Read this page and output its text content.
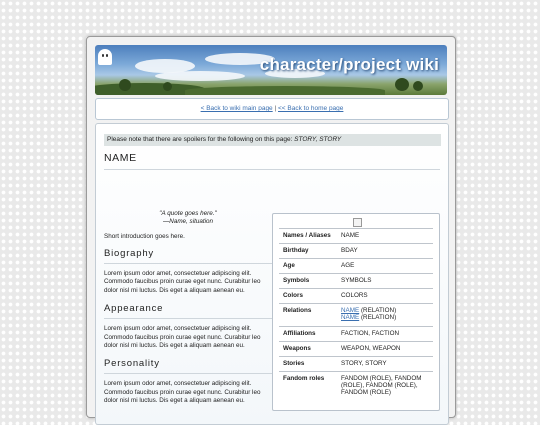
character/project wiki
< Back to wiki main page | << Back to home page
Please note that there are spoilers for the following on this page: STORY, STORY
NAME
"A quote goes here."
—Name, situation
Short introduction goes here.
Biography
Lorem ipsum odor amet, consectetuer adipiscing elit. Commodo faucibus proin curae eget nunc. Curabitur leo dolor nisl mi luctus. Dis eget a aliquam aenean eu.
Appearance
Lorem ipsum odor amet, consectetuer adipiscing elit. Commodo faucibus proin curae eget nunc. Curabitur leo dolor nisl mi luctus. Dis eget a aliquam aenean eu.
Personality
Lorem ipsum odor amet, consectetuer adipiscing elit. Commodo faucibus proin curae eget nunc. Curabitur leo dolor nisl mi luctus. Dis eget a aliquam aenean eu.
Names / Aliases	NAME
Birthday	BDAY
Age	AGE
Symbols	SYMBOLS
Colors	COLORS
Relations	NAME (RELATION)
NAME (RELATION)
Affiliations	FACTION, FACTION
Weapons	WEAPON, WEAPON
Stories	STORY, STORY
Fandom roles	FANDOM (ROLE), FANDOM (ROLE), FANDOM (ROLE), FANDOM (ROLE)
